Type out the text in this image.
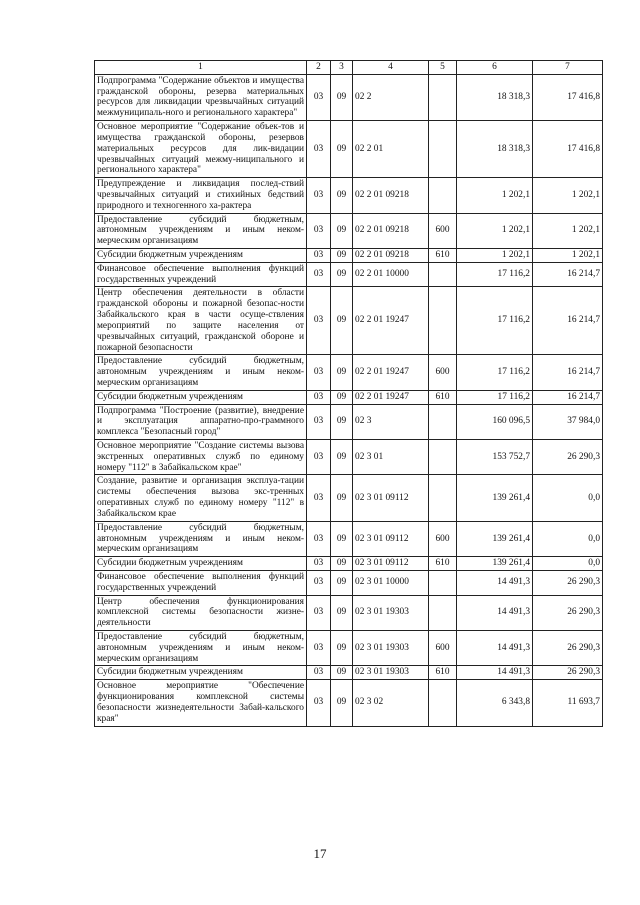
1	2	3	4	5	6	7
Подпрограмма "Содержание объектов и имущества гражданской обороны, резерва материальных ресурсов для ликвидации чрезвычайных ситуаций межмуниципаль-ного и регионального характера"	03	09	02 2		18 318,3	17 416,8
Основное мероприятие "Содержание объек-тов и имущества гражданской обороны, резервов материальных ресурсов для лик-видации чрезвычайных ситуаций межму-ниципального и регионального характера"	03	09	02 2 01		18 318,3	17 416,8
Предупреждение и ликвидация послед-ствий чрезвычайных ситуаций и стихийных бедствий природного и техногенного ха-рактера	03	09	02 2 01 09218		1 202,1	1 202,1
Предоставление субсидий бюджетным, автономным учреждениям и иным неком-мерческим организациям	03	09	02 2 01 09218	600	1 202,1	1 202,1
Субсидии бюджетным учреждениям	03	09	02 2 01 09218	610	1 202,1	1 202,1
Финансовое обеспечение выполнения функций государственных учреждений	03	09	02 2 01 10000		17 116,2	16 214,7
Центр обеспечения деятельности в области гражданской обороны и пожарной безопас-ности Забайкальского края в части осуще-ствления мероприятий по защите населения от чрезвычайных ситуаций, гражданской обороне и пожарной безопасности	03	09	02 2 01 19247		17 116,2	16 214,7
Предоставление субсидий бюджетным, автономным учреждениям и иным неком-мерческим организациям	03	09	02 2 01 19247	600	17 116,2	16 214,7
Субсидии бюджетным учреждениям	03	09	02 2 01 19247	610	17 116,2	16 214,7
Подпрограмма "Построение (развитие), внедрение и эксплуатация аппаратно-про-граммного комплекса "Безопасный город"	03	09	02 3		160 096,5	37 984,0
Основное мероприятие "Создание системы вызова экстренных оперативных служб по единому номеру "112" в Забайкальском крае"	03	09	02 3 01		153 752,7	26 290,3
Создание, развитие и организация эксплуа-тации системы обеспечения вызова экс-тренных оперативных служб по единому номеру "112" в Забайкальском крае	03	09	02 3 01 09112		139 261,4	0,0
Предоставление субсидий бюджетным, автономным учреждениям и иным неком-мерческим организациям	03	09	02 3 01 09112	600	139 261,4	0,0
Субсидии бюджетным учреждениям	03	09	02 3 01 09112	610	139 261,4	0,0
Финансовое обеспечение выполнения функций государственных учреждений	03	09	02 3 01 10000		14 491,3	26 290,3
Центр обеспечения функционирования комплексной системы безопасности жизне-деятельности	03	09	02 3 01 19303		14 491,3	26 290,3
Предоставление субсидий бюджетным, автономным учреждениям и иным неком-мерческим организациям	03	09	02 3 01 19303	600	14 491,3	26 290,3
Субсидии бюджетным учреждениям	03	09	02 3 01 19303	610	14 491,3	26 290,3
Основное мероприятие "Обеспечение функционирования комплексной системы безопасности жизнедеятельности Забай-кальского края"	03	09	02 3 02		6 343,8	11 693,7
17
